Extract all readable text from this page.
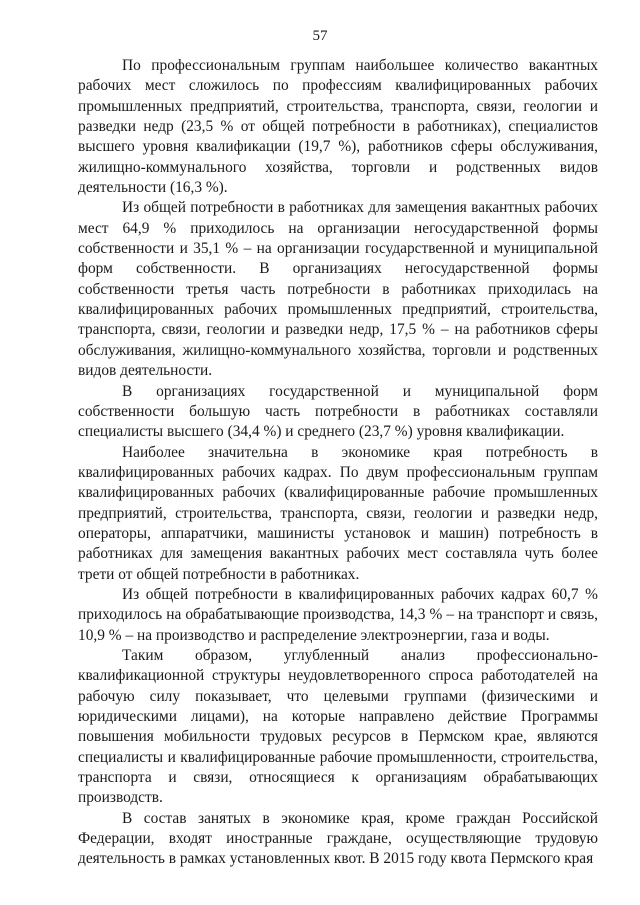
57

По профессиональным группам наибольшее количество вакантных рабочих мест сложилось по профессиям квалифицированных рабочих промышленных предприятий, строительства, транспорта, связи, геологии и разведки недр (23,5 % от общей потребности в работниках), специалистов высшего уровня квалификации (19,7 %), работников сферы обслуживания, жилищно-коммунального хозяйства, торговли и родственных видов деятельности (16,3 %).

Из общей потребности в работниках для замещения вакантных рабочих мест 64,9 % приходилось на организации негосударственной формы собственности и 35,1 % – на организации государственной и муниципальной форм собственности. В организациях негосударственной формы собственности третья часть потребности в работниках приходилась на квалифицированных рабочих промышленных предприятий, строительства, транспорта, связи, геологии и разведки недр, 17,5 % – на работников сферы обслуживания, жилищно-коммунального хозяйства, торговли и родственных видов деятельности.

В организациях государственной и муниципальной форм собственности большую часть потребности в работниках составляли специалисты высшего (34,4 %) и среднего (23,7 %) уровня квалификации.

Наиболее значительна в экономике края потребность в квалифицированных рабочих кадрах. По двум профессиональным группам квалифицированных рабочих (квалифицированные рабочие промышленных предприятий, строительства, транспорта, связи, геологии и разведки недр, операторы, аппаратчики, машинисты установок и машин) потребность в работниках для замещения вакантных рабочих мест составляла чуть более трети от общей потребности в работниках.

Из общей потребности в квалифицированных рабочих кадрах 60,7 % приходилось на обрабатывающие производства, 14,3 % – на транспорт и связь, 10,9 % – на производство и распределение электроэнергии, газа и воды.

Таким образом, углубленный анализ профессионально-квалификационной структуры неудовлетворенного спроса работодателей на рабочую силу показывает, что целевыми группами (физическими и юридическими лицами), на которые направлено действие Программы повышения мобильности трудовых ресурсов в Пермском крае, являются специалисты и квалифицированные рабочие промышленности, строительства, транспорта и связи, относящиеся к организациям обрабатывающих производств.

В состав занятых в экономике края, кроме граждан Российской Федерации, входят иностранные граждане, осуществляющие трудовую деятельность в рамках установленных квот. В 2015 году квота Пермского края
